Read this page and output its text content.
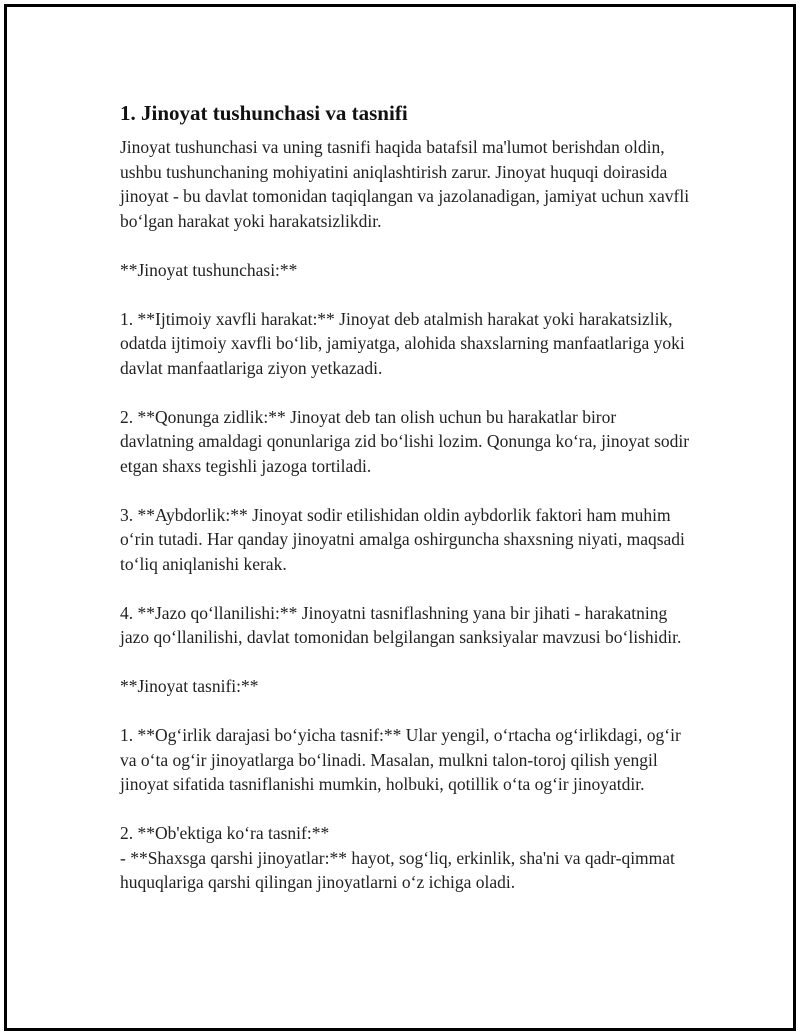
1. Jinoyat tushunchasi va tasnifi

Jinoyat tushunchasi va uning tasnifi haqida batafsil ma'lumot berishdan oldin, ushbu tushunchaning mohiyatini aniqlashtirish zarur. Jinoyat huquqi doirasida jinoyat - bu davlat tomonidan taqiqlangan va jazolanadigan, jamiyat uchun xavfli boʻlgan harakat yoki harakatsizlikdir.

**Jinoyat tushunchasi:**

1. **Ijtimoiy xavfli harakat:** Jinoyat deb atalmish harakat yoki harakatsizlik, odatda ijtimoiy xavfli boʻlib, jamiyatga, alohida shaxslarning manfaatlariga yoki davlat manfaatlariga ziyon yetkazadi.

2. **Qonunga zidlik:** Jinoyat deb tan olish uchun bu harakatlar biror davlatning amaldagi qonunlariga zid boʻlishi lozim. Qonunga koʻra, jinoyat sodir etgan shaxs tegishli jazoga tortiladi.

3. **Aybdorlik:** Jinoyat sodir etilishidan oldin aybdorlik faktori ham muhim oʻrin tutadi. Har qanday jinoyatni amalga oshirguncha shaxsning niyati, maqsadi toʻliq aniqlanishi kerak.

4. **Jazo qoʻllanilishi:** Jinoyatni tasniflashning yana bir jihati - harakatning jazo qoʻllanilishi, davlat tomonidan belgilangan sanksiyalar mavzusi boʻlishidir.

**Jinoyat tasnifi:**

1. **Ogʻirlik darajasi boʻyicha tasnif:** Ular yengil, oʻrtacha ogʻirlikdagi, ogʻir va oʻta ogʻir jinoyatlarga boʻlinadi. Masalan, mulkni talon-toroj qilish yengil jinoyat sifatida tasniflanishi mumkin, holbuki, qotillik oʻta ogʻir jinoyatdir.

2. **Ob'ektiga koʻra tasnif:**
- **Shaxsga qarshi jinoyatlar:** hayot, sogʻliq, erkinlik, sha'ni va qadr-qimmat huquqlariga qarshi qilingan jinoyatlarni oʻz ichiga oladi.
